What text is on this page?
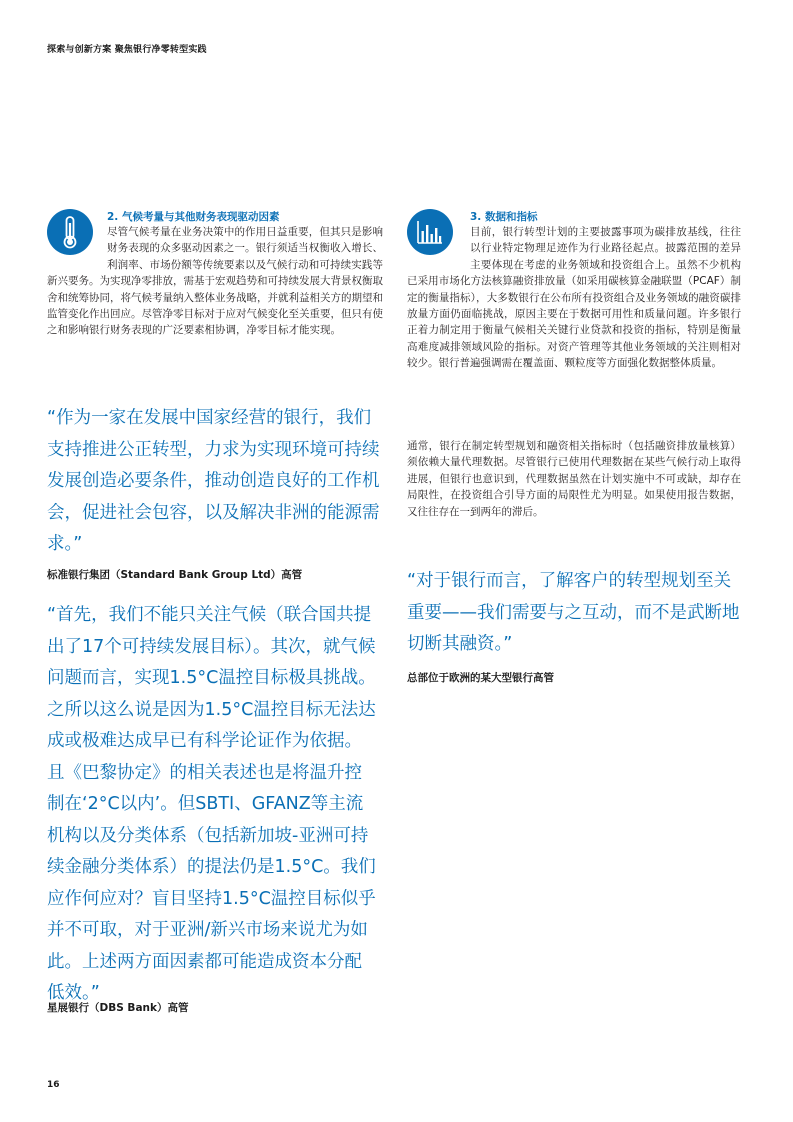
探索与创新方案 聚焦银行净零转型实践
2. 气候考量与其他财务表现驱动因素

尽管气候考量在业务决策中的作用日益重要，但其只是影响财务表现的众多驱动因素之一。银行须适当权衡收入增长、利润率、市场份额等传统要素以及气候行动和可持续实践等新兴要务。为实现净零排放，需基于宏观趋势和可持续发展大背景权衡取舍和统筹协同，将气候考量纳入整体业务战略，并就利益相关方的期望和监管变化作出回应。尽管净零目标对于应对气候变化至关重要，但只有使之和影响银行财务表现的广泛要素相协调，净零目标才能实现。

“作为一家在发展中国家经营的银行，我们支持推进公正转型，力求为实现环境可持续发展创造必要条件，推动创造良好的工作机会，促进社会包容，以及解决非洲的能源需求。”

标准银行集团（Standard Bank Group Ltd）高管

“首先，我们不能只关注气候（联合国共提出了17个可持续发展目标）。其次，就气候问题而言，实现1.5°C温控目标极具挑战。之所以这么说是因为1.5°C温控目标无法达成或极难达成早已有科学论证作为依据。且《巴黎协定》的相关表述也是将温升控制在‘2°C以内’。但SBTI、GFANZ等主流机构以及分类体系（包括新加坡-亚洲可持续金融分类体系）的提法仍是1.5°C。我们应作何应对？盲目坚持1.5°C温控目标似乎并不可取，对于亚洲/新兴市场来说尤为如此。上述两方面因素都可能造成资本分配低效。”

星展银行（DBS Bank）高管
3. 数据和指标

目前，银行转型计划的主要披露事项为碳排放基线，往往以行业特定物理足迹作为行业路径起点。披露范围的差异主要体现在考虑的业务领域和投资组合上。虽然不少机构已采用市场化方法核算融资排放量（如采用碳核算金融联盟（PCAF）制定的衡量指标），大多数银行在公布所有投资组合及业务领域的融资碳排放量方面仍面临挑战，原因主要在于数据可用性和质量问题。许多银行正着力制定用于衡量气候相关关键行业贷款和投资的指标，特别是衡量高难度减排领域风险的指标。对资产管理等其他业务领域的关注则相对较少。银行普遍强调需在覆盖面、颗粒度等方面强化数据整体质量。

通常，银行在制定转型规划和融资相关指标时（包括融资排放量核算）须依赖大量代理数据。尽管银行已使用代理数据在某些气候行动上取得进展，但银行也意识到，代理数据虽然在计划实施中不可或缺，却存在局限性，在投资组合引导方面的局限性尤为明显。如果使用报告数据，又往往存在一到两年的滞后。

“对于银行而言，了解客户的转型规划至关重要——我们需要与之互动，而不是武断地切断其融资。”

总部位于欧洲的某大型银行高管
16
